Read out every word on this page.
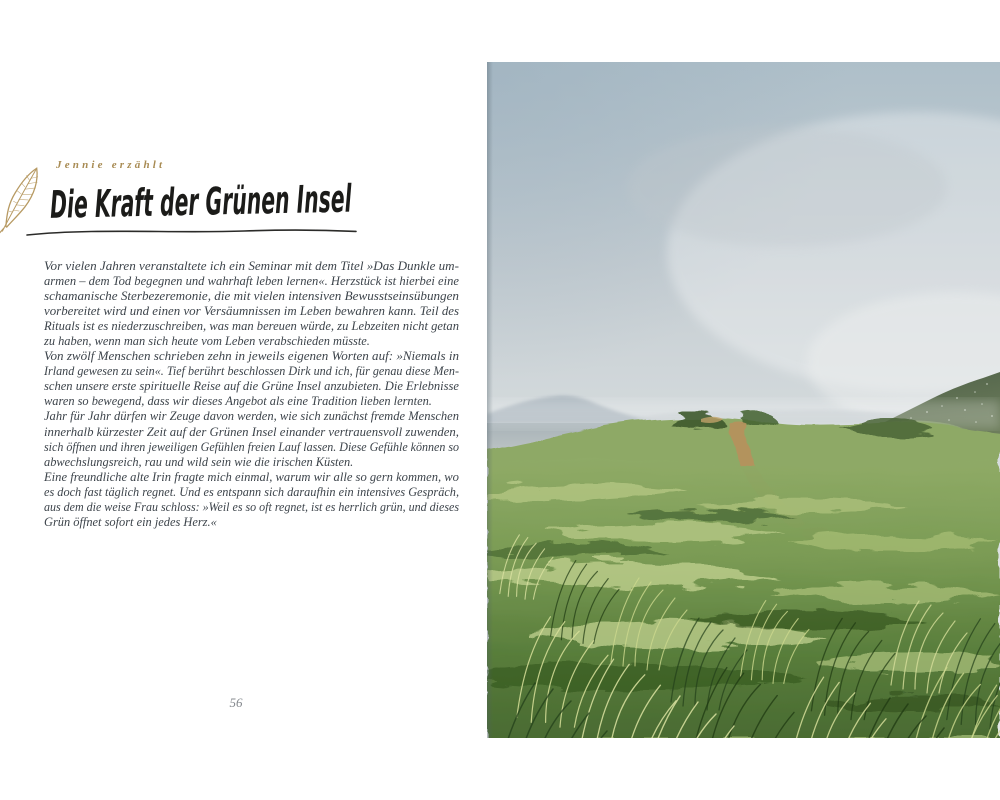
Jennie erzählt
Die Kraft der Grünen Insel
Vor vielen Jahren veranstaltete ich ein Seminar mit dem Titel »Das Dunkle um-
armen – dem Tod begegnen und wahrhaft leben lernen«. Herzstück ist hierbei eine
schamanische Sterbezeremonie, die mit vielen intensiven Bewusstseinsübungen
vorbereitet wird und einen vor Versäumnissen im Leben bewahren kann. Teil des
Rituals ist es niederzuschreiben, was man bereuen würde, zu Lebzeiten nicht getan
zu haben, wenn man sich heute vom Leben verabschieden müsste.
Von zwölf Menschen schrieben zehn in jeweils eigenen Worten auf: »Niemals in
Irland gewesen zu sein«. Tief berührt beschlossen Dirk und ich, für genau diese Men-
schen unsere erste spirituelle Reise auf die Grüne Insel anzubieten. Die Erlebnisse
waren so bewegend, dass wir dieses Angebot als eine Tradition lieben lernten.
Jahr für Jahr dürfen wir Zeuge davon werden, wie sich zunächst fremde Menschen
innerhalb kürzester Zeit auf der Grünen Insel einander vertrauensvoll zuwenden,
sich öffnen und ihren jeweiligen Gefühlen freien Lauf lassen. Diese Gefühle können so
abwechslungsreich, rau und wild sein wie die irischen Küsten.
Eine freundliche alte Irin fragte mich einmal, warum wir alle so gern kommen, wo
es doch fast täglich regnet. Und es entspann sich daraufhin ein intensives Gespräch,
aus dem die weise Frau schloss: »Weil es so oft regnet, ist es herrlich grün, und dieses
Grün öffnet sofort ein jedes Herz.«
56
